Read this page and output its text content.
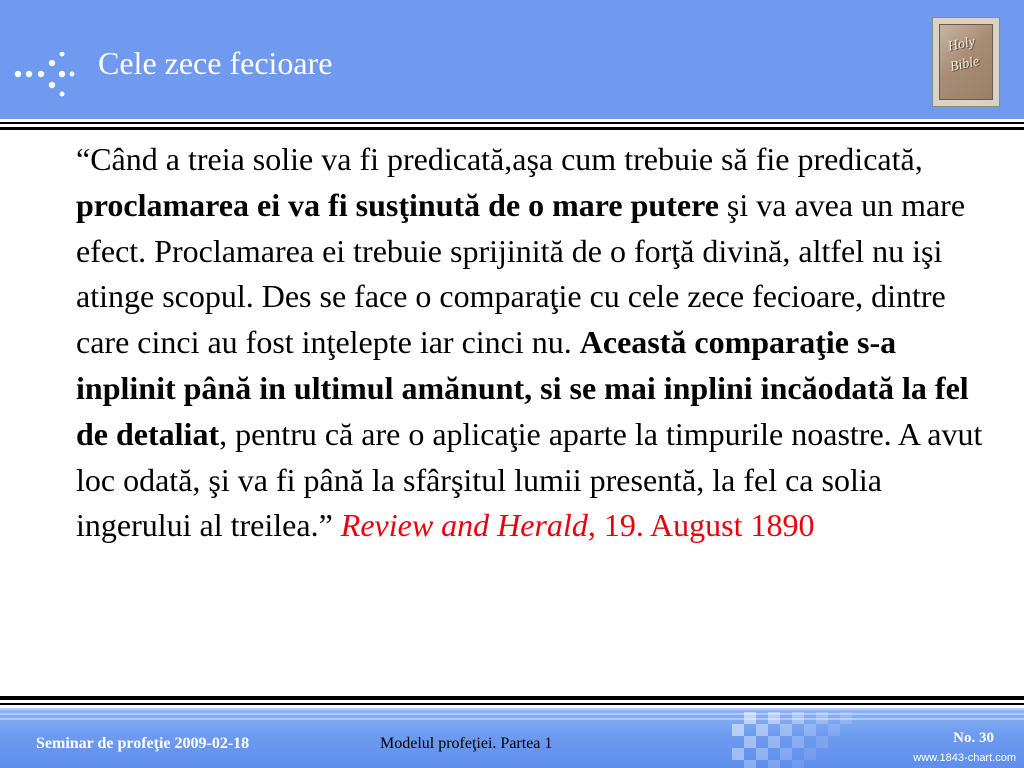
Cele zece fecioare
Holy
Bible
“Când a treia solie va fi predicată,aşa cum trebuie să fie predicată, proclamarea ei va fi susţinută de o mare putere şi va avea un mare efect. Proclamarea ei trebuie sprijinită de o forţă divină, altfel nu işi atinge scopul. Des se face o comparaţie cu cele zece fecioare, dintre care cinci au fost inţelepte iar cinci nu. Această comparaţie s-a inplinit până in ultimul amănunt, si se mai inplini incăodată la fel de detaliat, pentru că are o aplicaţie aparte la timpurile noastre. A avut loc odată, şi va fi până la sfârşitul lumii presentă, la fel ca solia ingerului al treilea.” Review and Herald, 19. August 1890
Seminar de profeţie 2009-02-18	Modelul profeţiei. Partea 1	No. 30
www.1843-chart.com
